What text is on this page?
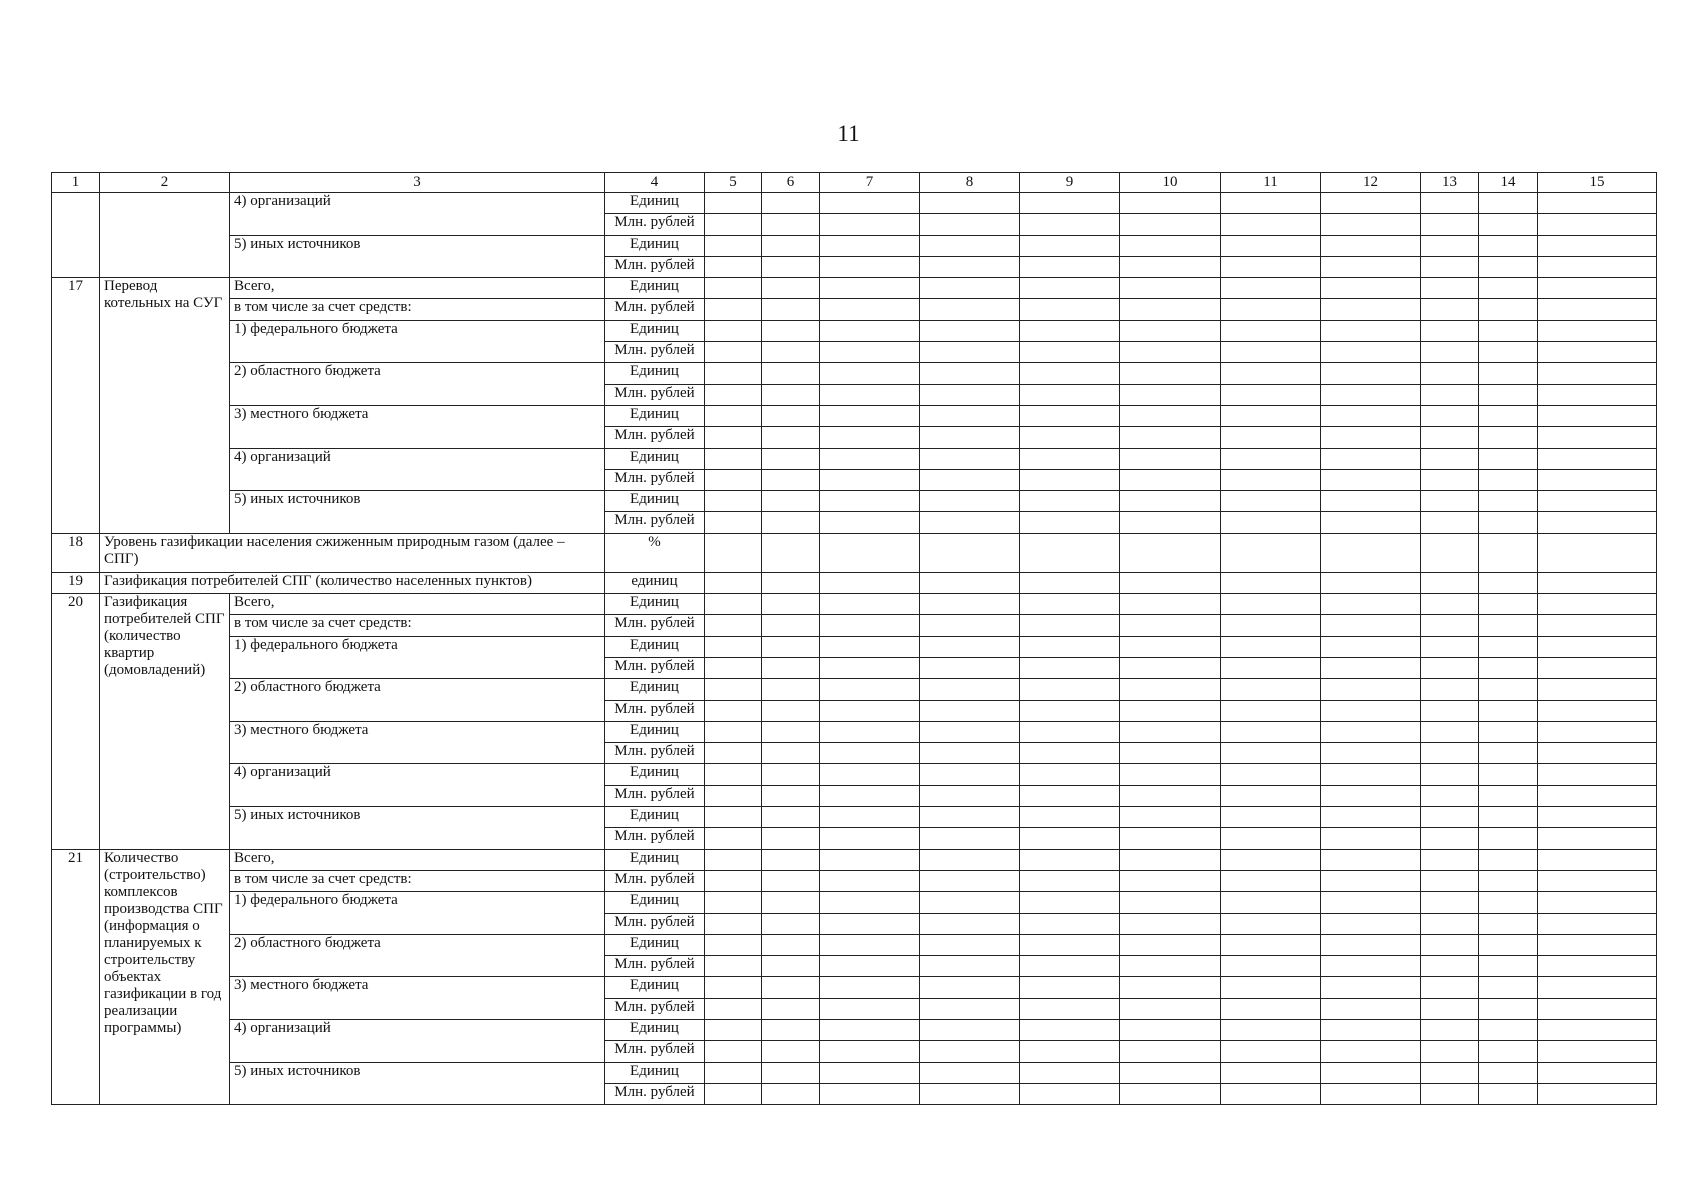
11
1	2	3	4	5	6	7	8	9	10	11	12	13	14	15
		4) организаций	Единиц											
			Млн. рублей											
		5) иных источников	Единиц											
			Млн. рублей											
17	Перевод котельных на СУГ	Всего,	Единиц											
		в том числе за счет средств:	Млн. рублей											
		1) федерального бюджета	Единиц											
			Млн. рублей											
		2) областного бюджета	Единиц											
			Млн. рублей											
		3) местного бюджета	Единиц											
			Млн. рублей											
		4) организаций	Единиц											
			Млн. рублей											
		5) иных источников	Единиц											
			Млн. рублей											
18	Уровень газификации населения сжиженным природным газом (далее – СПГ)		%											
19	Газификация потребителей СПГ (количество населенных пунктов)		единиц											
20	Газификация потребителей СПГ (количество квартир (домовладений)	Всего,	Единиц											
		в том числе за счет средств:	Млн. рублей											
		1) федерального бюджета	Единиц											
			Млн. рублей											
		2) областного бюджета	Единиц											
			Млн. рублей											
		3) местного бюджета	Единиц											
			Млн. рублей											
		4) организаций	Единиц											
			Млн. рублей											
		5) иных источников	Единиц											
			Млн. рублей											
21	Количество (строительство) комплексов производства СПГ (информация о планируемых к строительству объектах газификации в год реализации программы)	Всего,	Единиц											
		в том числе за счет средств:	Млн. рублей											
		1) федерального бюджета	Единиц											
			Млн. рублей											
		2) областного бюджета	Единиц											
			Млн. рублей											
		3) местного бюджета	Единиц											
			Млн. рублей											
		4) организаций	Единиц											
			Млн. рублей											
		5) иных источников	Единиц											
			Млн. рублей											
